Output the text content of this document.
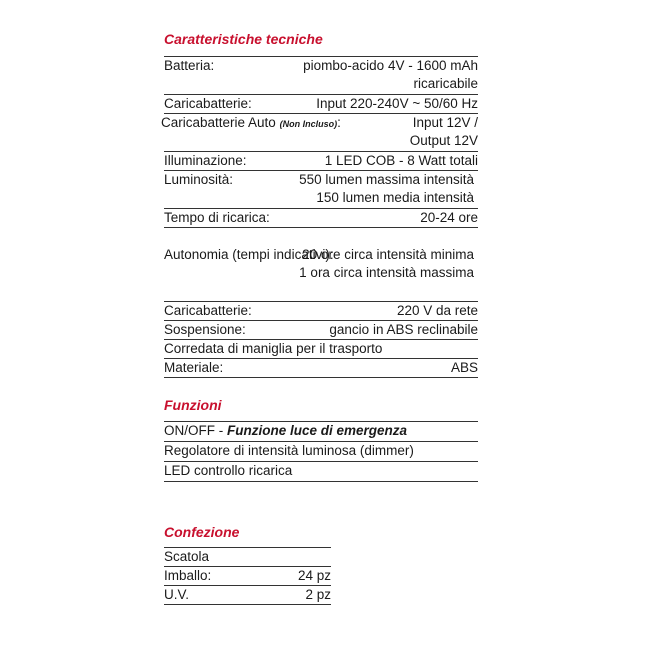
Caratteristiche tecniche
Batteria:	piombo-acido 4V - 1600 mAh
ricaricabile
Caricabatterie:	Input 220-240V ~ 50/60 Hz
Caricabatterie Auto (Non Incluso):	Input 12V /
Output 12V
Illuminazione:	1 LED COB - 8 Watt totali
Luminosità:	550 lumen massima intensità
150 lumen media intensità
Tempo di ricarica:	20-24 ore
Autonomia (tempi indicativi):
20 ore circa intensità minima
1 ora circa intensità massima
Caricabatterie:	220 V da rete
Sospensione:	gancio in ABS reclinabile
Corredata di maniglia per il trasporto
Materiale:	ABS
Funzioni
ON/OFF - Funzione luce di emergenza
Regolatore di intensità luminosa (dimmer)
LED controllo ricarica
Confezione
Scatola
Imballo:	24 pz
U.V.	2 pz
